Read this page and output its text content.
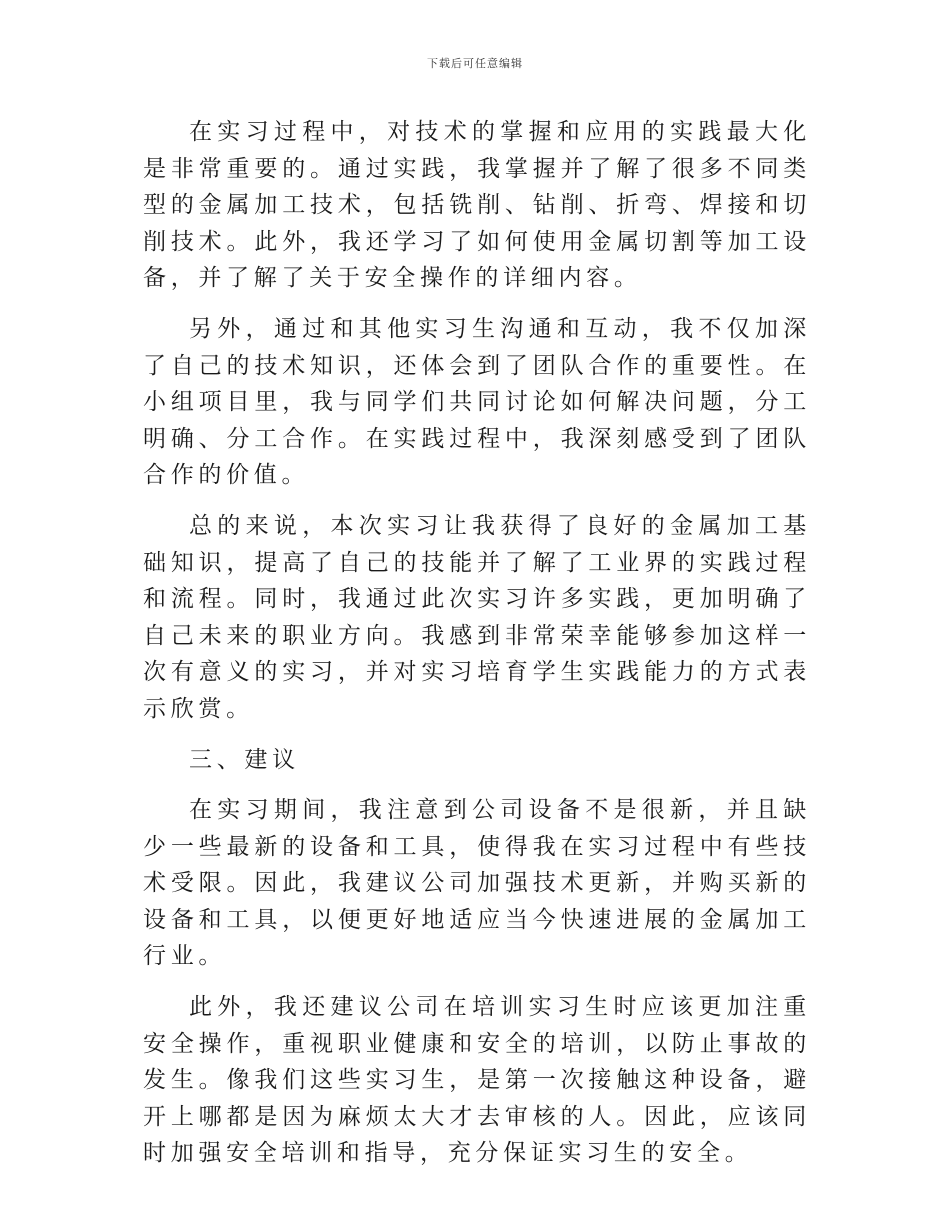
下载后可任意编辑

在实习过程中，对技术的掌握和应用的实践最大化是非常重要的。通过实践，我掌握并了解了很多不同类型的金属加工技术，包括铣削、钻削、折弯、焊接和切削技术。此外，我还学习了如何使用金属切割等加工设备，并了解了关于安全操作的详细内容。

另外，通过和其他实习生沟通和互动，我不仅加深了自己的技术知识，还体会到了团队合作的重要性。在小组项目里，我与同学们共同讨论如何解决问题，分工明确、分工合作。在实践过程中，我深刻感受到了团队合作的价值。

总的来说，本次实习让我获得了良好的金属加工基础知识，提高了自己的技能并了解了工业界的实践过程和流程。同时，我通过此次实习许多实践，更加明确了自己未来的职业方向。我感到非常荣幸能够参加这样一次有意义的实习，并对实习培育学生实践能力的方式表示欣赏。

三、建议

在实习期间，我注意到公司设备不是很新，并且缺少一些最新的设备和工具，使得我在实习过程中有些技术受限。因此，我建议公司加强技术更新，并购买新的设备和工具，以便更好地适应当今快速进展的金属加工行业。

此外，我还建议公司在培训实习生时应该更加注重安全操作，重视职业健康和安全的培训，以防止事故的发生。像我们这些实习生，是第一次接触这种设备，避开上哪都是因为麻烦太大才去审核的人。因此，应该同时加强安全培训和指导，充分保证实习生的安全。
